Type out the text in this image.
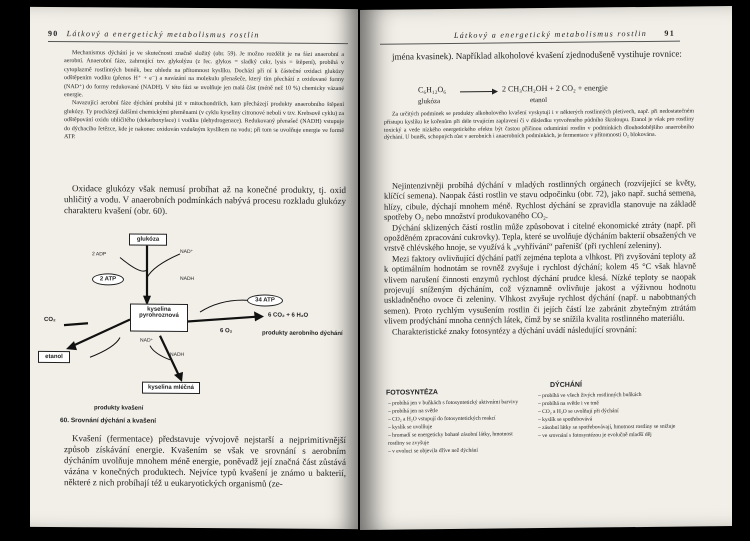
90 Látkový a energetický metabolismus rostlin

Mechanismus dýchání je ve skutečnosti značně složitý (obr. 59). Je možno rozdělit je na fázi anaerobní a aerobní. Anaerobní fáze, zahrnující tzv. glykolýzu (z řec. glykos = sladký cukr, lysis = štěpení), probíhá v cytoplazmě rostlinných buněk, bez ohledu na přítomnost kyslíku. Dochází při ní k částečné oxidaci glukózy odštěpením vodíku (přenos H⁺ + e⁻) a navázání na molekulu přenašeče, který tím přechází z oxidované formy (NAD⁺) do formy redukované (NADH). V této fázi se uvolňuje jen malá část (méně než 10 %) chemicky vázané energie.

Navazující aerobní fáze dýchání probíhá již v mitochondriích, kam přecházejí produkty anaerobního štěpení glukózy. Ty procházejí dalšími chemickými přeměnami (v cyklu kyseliny citronové neboli v tzv. Krebsově cyklu) za odštěpování oxidu uhličitého (dekarboxylace) i vodíku (dehydrogenace). Redukovaný přenašeč (NADH) vstupuje do dýchacího řetězce, kde je nakonec oxidován vzdušným kyslíkem na vodu; při tom se uvolňuje energie ve formě ATP.

Oxidace glukózy však nemusí probíhat až na konečné produkty, tj. oxid uhličitý a vodu. V anaerobních podmínkách nabývá procesu rozkladu glukózy charakteru kvašení (obr. 60).

glukóza
2 ADP	NAD⁺
2 ATP	NADH
kyselina pyrohroznová
CO₂
34 ATP
6 CO₂ + 6 H₂O
produkty aerobního dýchání
6 O₂
NAD⁺
NADH
etanol
kyselina mléčná
produkty kvašení
60. Srovnání dýchání a kvašení

Kvašení (fermentace) představuje vývojově nejstarší a nejprimitivnější způsob získávání energie. Kvašením se však ve srovnání s aerobním dýcháním uvolňuje mnohem méně energie, poněvadž její značná část zůstává vázána v konečných produktech. Nejvíce typů kvašení je známo u bakterií, některé z nich probíhají též u eukaryotických organismů (ze-

Látkový a energetický metabolismus rostlin 91

jména kvasinek). Například alkoholové kvašení zjednodušeně vystihuje rovnice:

C₆H₁₂O₆	2 CH₃CH₂OH + 2 CO₂ + energie
glukóza	etanol

Za určitých podmínek se produkty alkoholového kvašení vyskytují i v některých rostlinných pletivech, např. při nedostatečném přístupu kyslíku ke kořenům při déle trvajícím zaplavení či v důsledku vytvořeného půdního škraloupu. Etanol je však pro rostliny toxický a vede nízkého energetického efektu být častou příčinou odumírání rostlin v podmínkách dlouhodobějšího anaerobního dýchání. U buněk, schopných růst v aerobních i anaerobních podmínkách, je fermentace v přítomnosti O₂ blokována.

Nejintenzivněji probíhá dýchání v mladých rostlinných orgánech (rozvíjející se květy, klíčící semena). Naopak části rostlin ve stavu odpočinku (obr. 72), jako např. suchá semena, hlízy, cibule, dýchají mnohem méně. Rychlost dýchání se zpravidla stanovuje na základě spotřeby O₂ nebo množství produkovaného CO₂.

Dýchání sklizených částí rostlin může způsobovat i citelné ekonomické ztráty (např. při opožděném zpracování cukrovky). Tepla, které se uvolňuje dýcháním bakterií obsažených ve vrstvě chlévského hnoje, se využívá k „vyhřívání“ pařenišť (při rychlení zeleniny).

Mezi faktory ovlivňující dýchání patří zejména teplota a vlhkost. Při zvyšování teploty až k optimálním hodnotám se rovněž zvyšuje i rychlost dýchání; kolem 45 °C však hlavně vlivem narušení činnosti enzymů rychlost dýchání prudce klesá. Nízké teploty se naopak projevují sníženým dýcháním, což významně ovlivňuje jakost a výživnou hodnotu uskladněného ovoce či zeleniny. Vlhkost zvyšuje rychlost dýchání (např. u nabobtnaných semen). Proto rychlým vysušením rostlin či jejích částí lze zabránit zbytečným ztrátám vlivem prodýchání mnoha cenných látek, čímž by se snížila kvalita rostlinného materiálu.

Charakteristické znaky fotosyntézy a dýchání uvádí následující srovnání:

FOTOSYNTÉZA
– probíhá jen v buňkách s fotosyntetický aktivními barvivy
– probíhá jen na světle
– CO₂ a H₂O vstupují do fotosyntetických reakcí
– kyslík se uvolňuje
– hromadí se energeticky bohaté zásobní látky, hmotnost rostliny se zvyšuje
– v evoluci se objevila dříve než dýchání
DÝCHÁNÍ
– probíhá ve všech živých rostlinných buňkách
– probíhá na světle i ve tmě
– CO₂ a H₂O se uvolňují při dýchání
– kyslík se spotřebovává
– zásobní látky se spotřebovávají, hmotnost rostliny se snižuje
– ve srovnání s fotosyntézou je evolučně mladší děj
